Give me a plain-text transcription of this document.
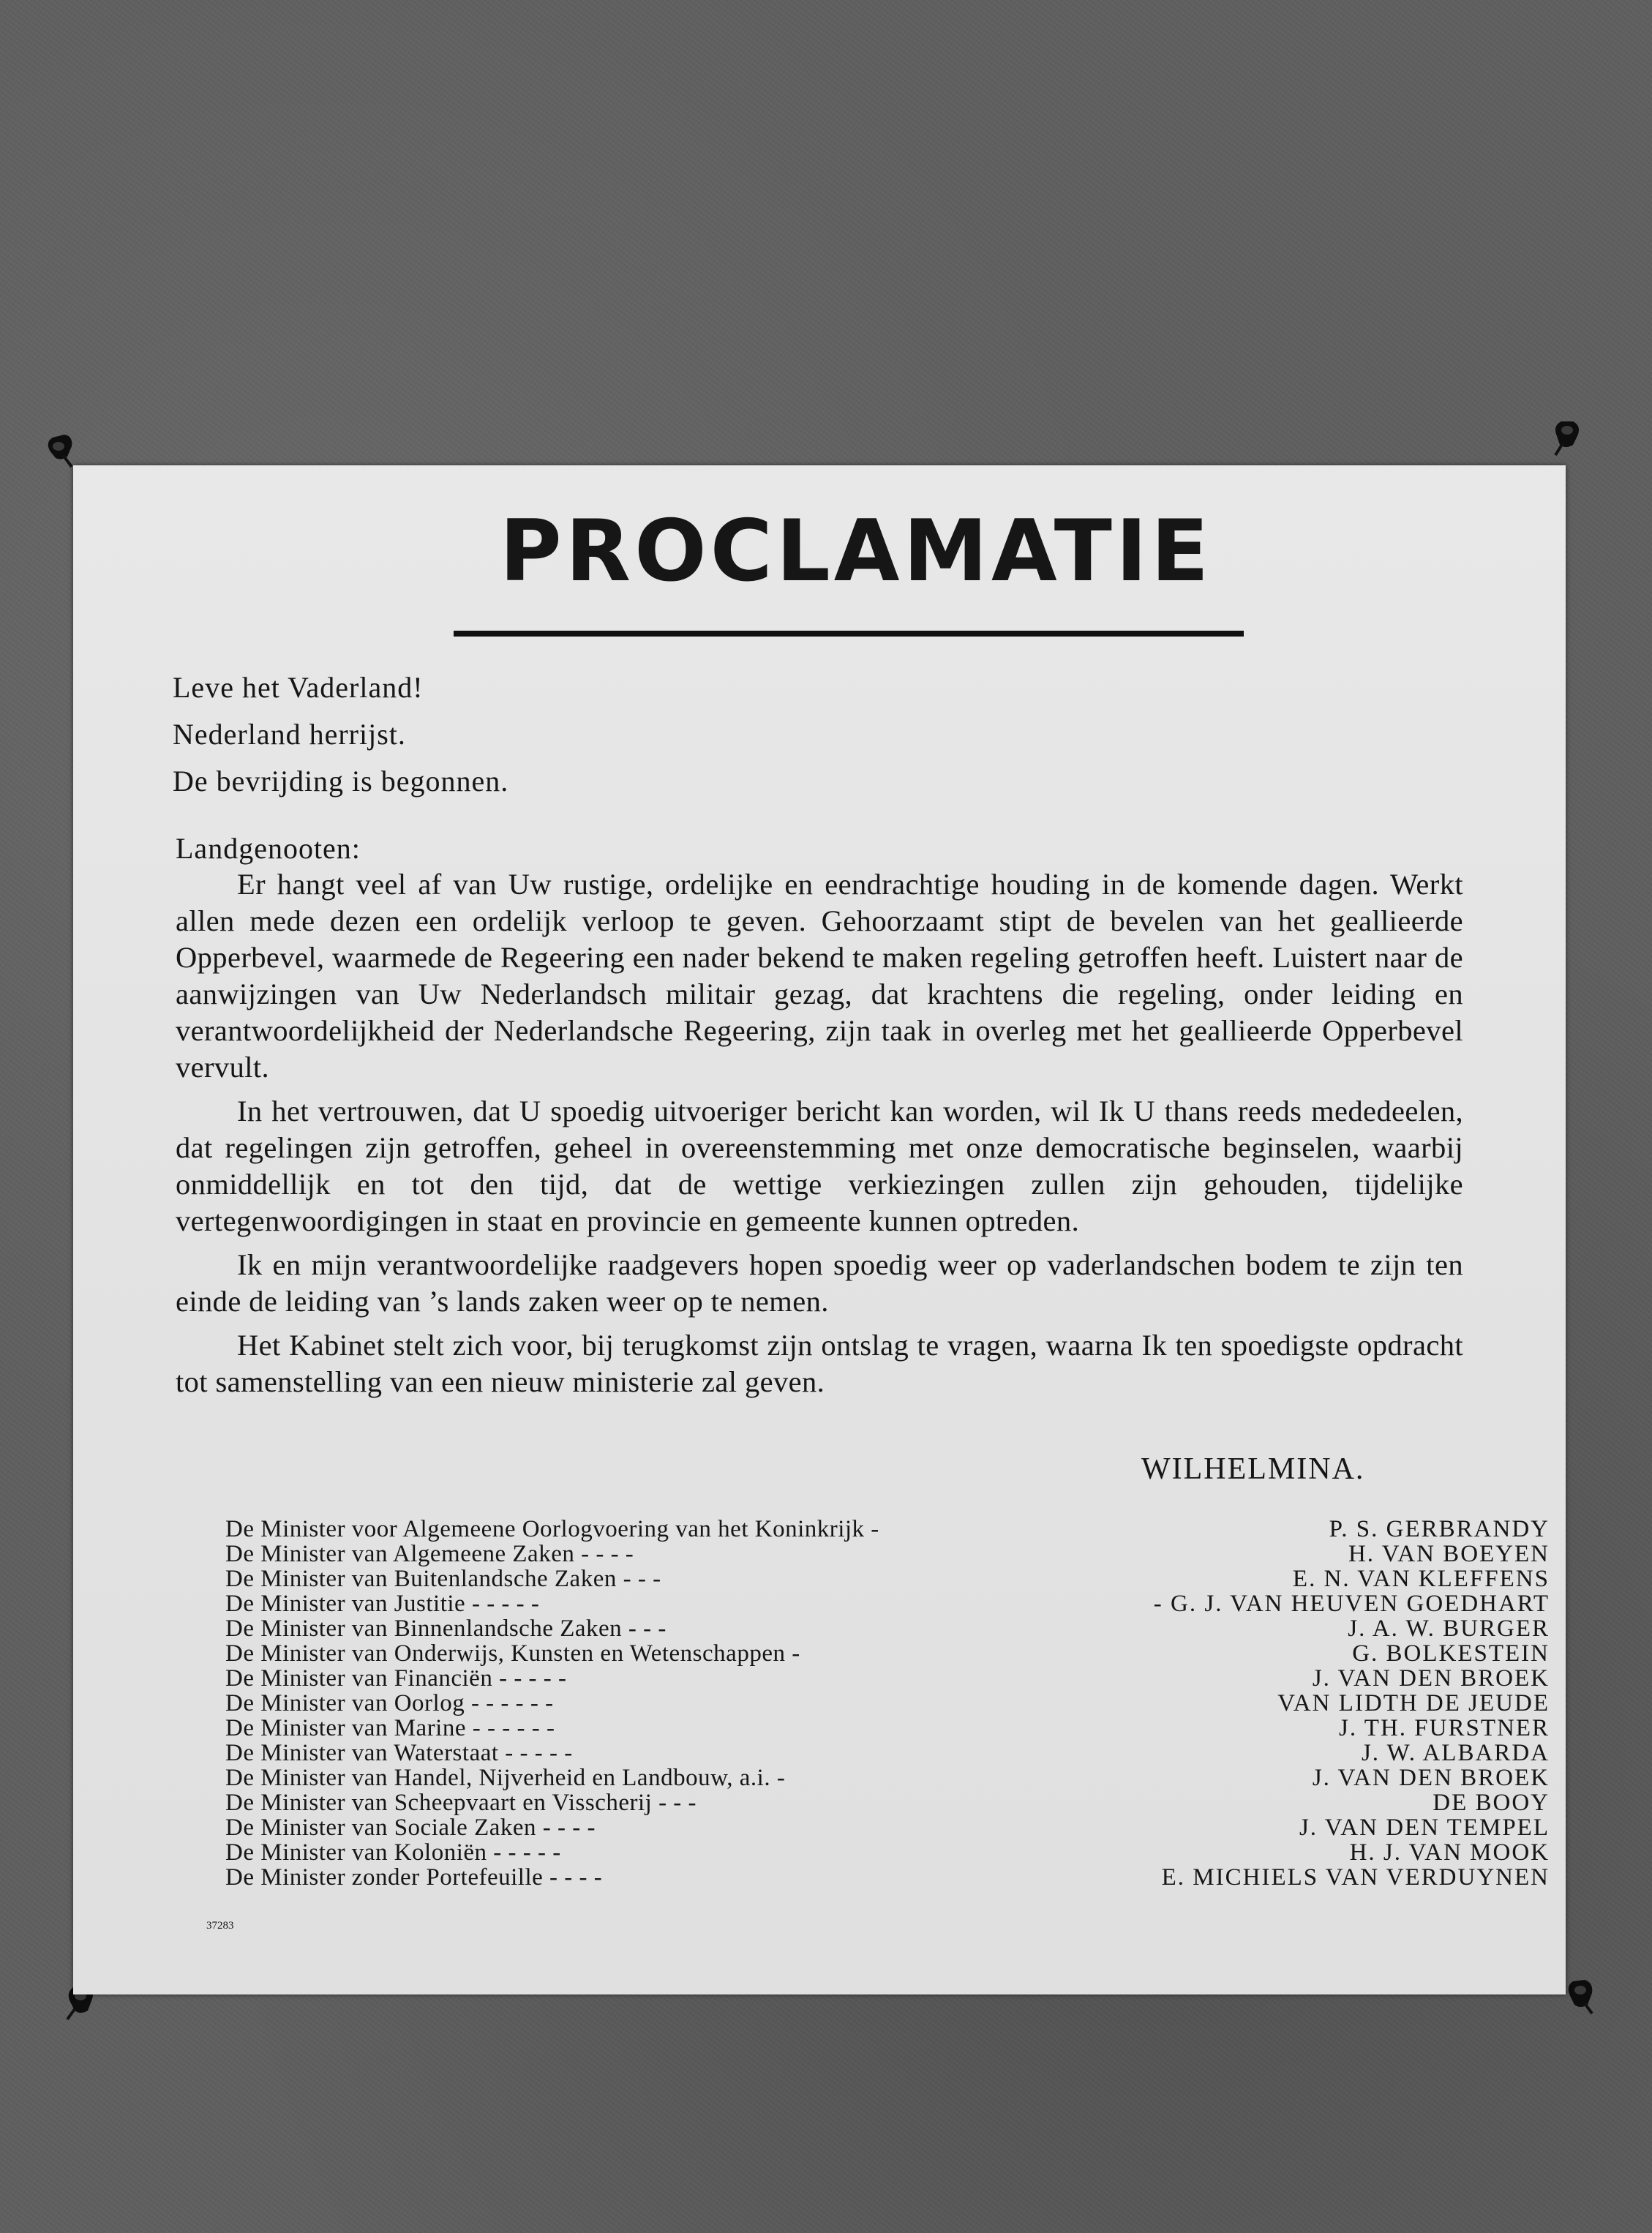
PROCLAMATIE
Leve het Vaderland!
Nederland herrijst.
De bevrijding is begonnen.

Landgenooten:

Er hangt veel af van Uw rustige, ordelijke en eendrachtige houding in de komende dagen. Werkt allen mede dezen een ordelijk verloop te geven. Gehoorzaamt stipt de bevelen van het geallieerde Opperbevel, waarmede de Regeering een nader bekend te maken regeling getroffen heeft. Luistert naar de aanwijzingen van Uw Nederlandsch militair gezag, dat krachtens die regeling, onder leiding en verantwoordelijkheid der Nederlandsche Regeering, zijn taak in overleg met het geallieerde Opperbevel vervult.

In het vertrouwen, dat U spoedig uitvoeriger bericht kan worden, wil Ik U thans reeds mededeelen, dat regelingen zijn getroffen, geheel in overeenstemming met onze democratische beginselen, waarbij onmiddellijk en tot den tijd, dat de wettige verkiezingen zullen zijn gehouden, tijdelijke vertegenwoordigingen in staat en provincie en gemeente kunnen optreden.

Ik en mijn verantwoordelijke raadgevers hopen spoedig weer op vaderlandschen bodem te zijn ten einde de leiding van ’s lands zaken weer op te nemen.

Het Kabinet stelt zich voor, bij terugkomst zijn ontslag te vragen, waarna Ik ten spoedigste opdracht tot samenstelling van een nieuw ministerie zal geven.

WILHELMINA.

De Minister voor Algemeene Oorlogvoering van het Koninkrijk -	P. S. GERBRANDY
De Minister van Algemeene Zaken - - - -	H. VAN BOEYEN
De Minister van Buitenlandsche Zaken - - -	E. N. VAN KLEFFENS
De Minister van Justitie - - - - -	- G. J. VAN HEUVEN GOEDHART
De Minister van Binnenlandsche Zaken - - -	J. A. W. BURGER
De Minister van Onderwijs, Kunsten en Wetenschappen -	G. BOLKESTEIN
De Minister van Financiën - - - - -	J. VAN DEN BROEK
De Minister van Oorlog - - - - - -	VAN LIDTH DE JEUDE
De Minister van Marine - - - - - -	J. TH. FURSTNER
De Minister van Waterstaat - - - - -	J. W. ALBARDA
De Minister van Handel, Nijverheid en Landbouw, a.i. -	J. VAN DEN BROEK
De Minister van Scheepvaart en Visscherij - - -	DE BOOY
De Minister van Sociale Zaken - - - -	J. VAN DEN TEMPEL
De Minister van Koloniën - - - - -	H. J. VAN MOOK
De Minister zonder Portefeuille - - - -	E. MICHIELS VAN VERDUYNEN
37283
